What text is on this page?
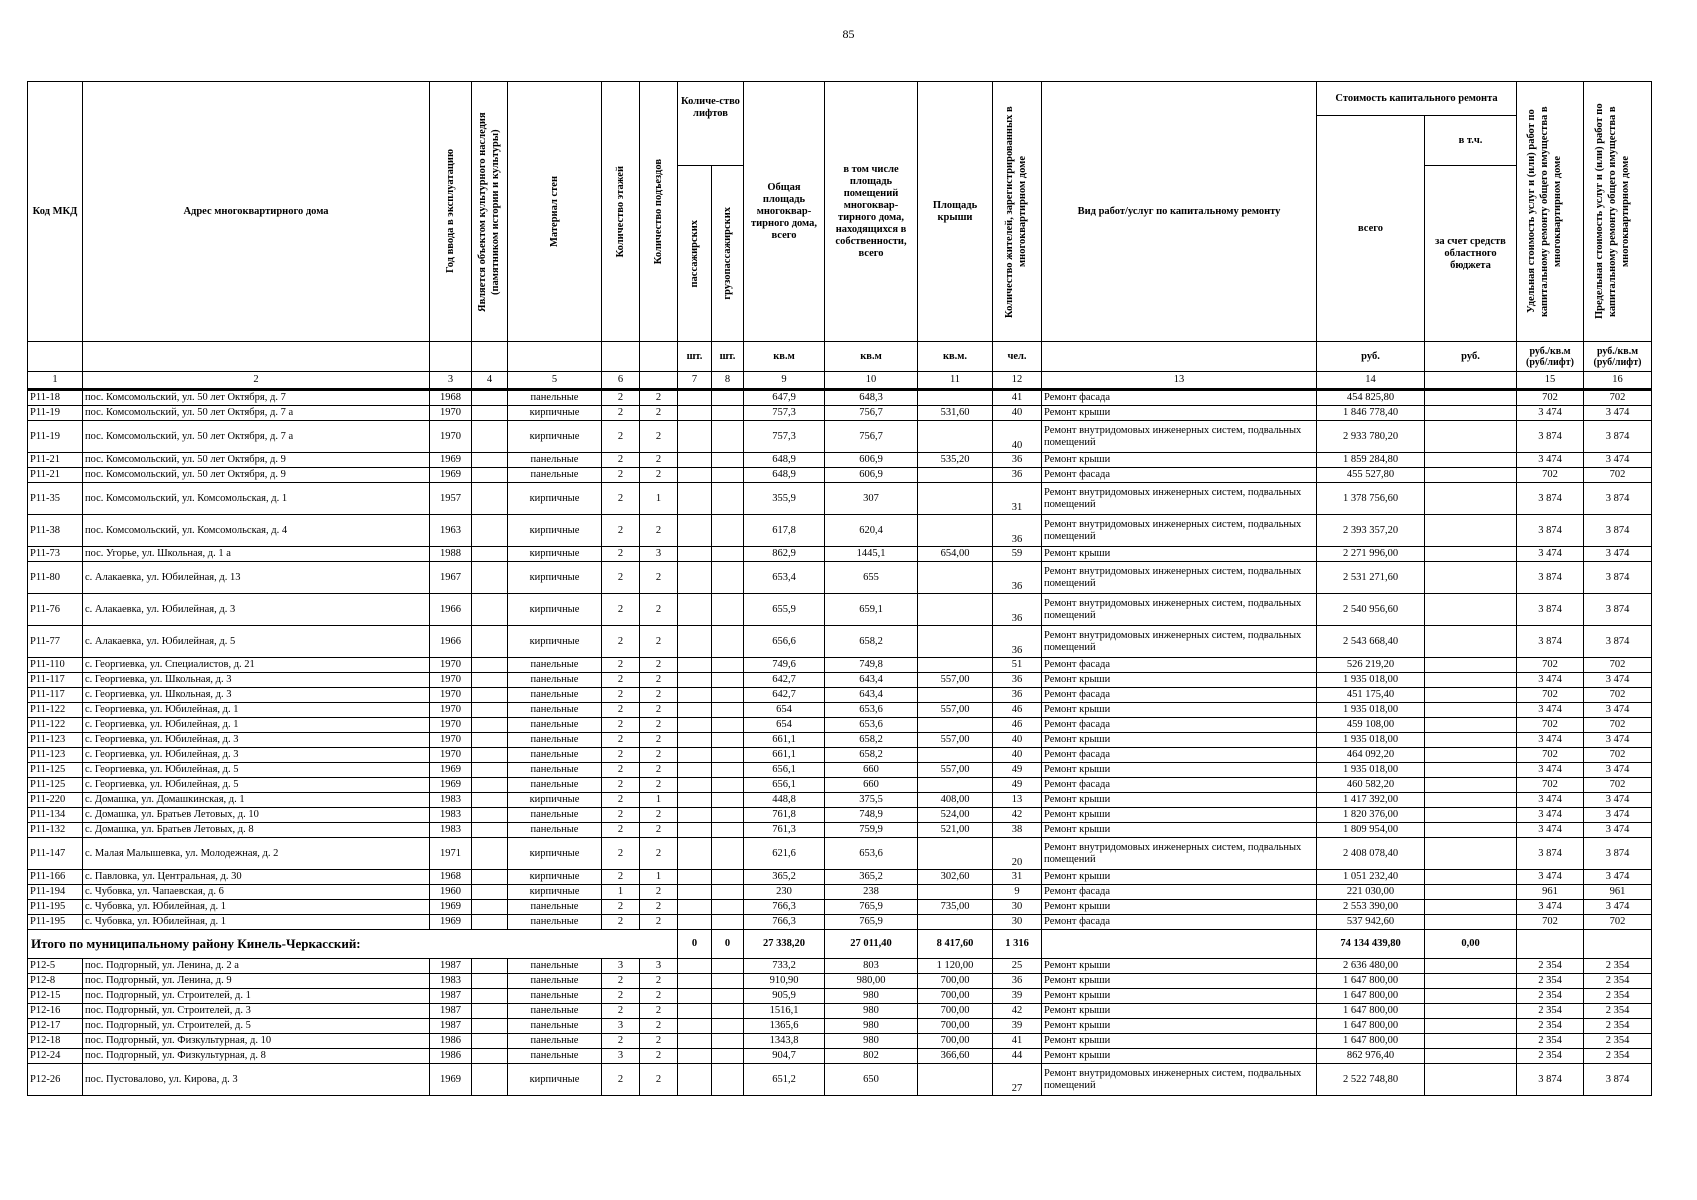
85
Код МКД	Адрес многоквартирного дома	Год ввода в эксплуатацию	Является объектом культурного наследия (памятником истории и культуры)	Материал стен	Количество этажей	Количество подъездов	Количе-ство лифтов		Общая площадь многоквар-тирного дома, всего	в том числе площадь помещений многоквар-тирного дома, находящихся в собственности, всего	Площадь крыши	Количество жителей, зарегистрированных в многоквартирном доме	Вид работ/услуг по капитальному ремонту	Стоимость капитального ремонта		Удельная стоимость услуг и (или) работ по капитальному ремонту общего имущества в многоквартирном доме	Предельная стоимость услуг и (или) работ по капитальному ремонту общего имущества в многоквартирном доме

														всего	в т.ч.		

							пассажирских	грузопассажирских							за счет средств областного бюджета		
							шт.	шт.	кв.м	кв.м	кв.м.	чел.		руб.	руб.	руб./кв.м (руб/лифт)	руб./кв.м (руб/лифт)
1	2	3	4	5	6		7	8	9	10	11	12	13	14		15	16
Р11-18	пос. Комсомольский, ул. 50 лет Октября, д. 7	1968		панельные	2	2			647,9	648,3		41	Ремонт фасада	454 825,80		702	702
Р11-19	пос. Комсомольский, ул. 50 лет Октября, д. 7 а	1970		кирпичные	2	2			757,3	756,7	531,60	40	Ремонт крыши	1 846 778,40		3 474	3 474
Р11-19	пос. Комсомольский, ул. 50 лет Октября, д. 7 а	1970		кирпичные	2	2			757,3	756,7		40	Ремонт внутридомовых инженерных систем, подвальных помещений	2 933 780,20		3 874	3 874
Р11-21	пос. Комсомольский, ул. 50 лет Октября, д. 9	1969		панельные	2	2			648,9	606,9	535,20	36	Ремонт крыши	1 859 284,80		3 474	3 474
Р11-21	пос. Комсомольский, ул. 50 лет Октября, д. 9	1969		панельные	2	2			648,9	606,9		36	Ремонт фасада	455 527,80		702	702
Р11-35	пос. Комсомольский, ул. Комсомольская, д. 1	1957		кирпичные	2	1			355,9	307		31	Ремонт внутридомовых инженерных систем, подвальных помещений	1 378 756,60		3 874	3 874
Р11-38	пос. Комсомольский, ул. Комсомольская, д. 4	1963		кирпичные	2	2			617,8	620,4		36	Ремонт внутридомовых инженерных систем, подвальных помещений	2 393 357,20		3 874	3 874
Р11-73	пос. Угорье, ул. Школьная, д. 1 а	1988		кирпичные	2	3			862,9	1445,1	654,00	59	Ремонт крыши	2 271 996,00		3 474	3 474
Р11-80	с. Алакаевка, ул. Юбилейная, д. 13	1967		кирпичные	2	2			653,4	655		36	Ремонт внутридомовых инженерных систем, подвальных помещений	2 531 271,60		3 874	3 874
Р11-76	с. Алакаевка, ул. Юбилейная, д. 3	1966		кирпичные	2	2			655,9	659,1		36	Ремонт внутридомовых инженерных систем, подвальных помещений	2 540 956,60		3 874	3 874
Р11-77	с. Алакаевка, ул. Юбилейная, д. 5	1966		кирпичные	2	2			656,6	658,2		36	Ремонт внутридомовых инженерных систем, подвальных помещений	2 543 668,40		3 874	3 874
Р11-110	с. Георгиевка, ул. Специалистов, д. 21	1970		панельные	2	2			749,6	749,8		51	Ремонт фасада	526 219,20		702	702
Р11-117	с. Георгиевка, ул. Школьная, д. 3	1970		панельные	2	2			642,7	643,4	557,00	36	Ремонт крыши	1 935 018,00		3 474	3 474
Р11-117	с. Георгиевка, ул. Школьная, д. 3	1970		панельные	2	2			642,7	643,4		36	Ремонт фасада	451 175,40		702	702
Р11-122	с. Георгиевка, ул. Юбилейная, д. 1	1970		панельные	2	2			654	653,6	557,00	46	Ремонт крыши	1 935 018,00		3 474	3 474
Р11-122	с. Георгиевка, ул. Юбилейная, д. 1	1970		панельные	2	2			654	653,6		46	Ремонт фасада	459 108,00		702	702
Р11-123	с. Георгиевка, ул. Юбилейная, д. 3	1970		панельные	2	2			661,1	658,2	557,00	40	Ремонт крыши	1 935 018,00		3 474	3 474
Р11-123	с. Георгиевка, ул. Юбилейная, д. 3	1970		панельные	2	2			661,1	658,2		40	Ремонт фасада	464 092,20		702	702
Р11-125	с. Георгиевка, ул. Юбилейная, д. 5	1969		панельные	2	2			656,1	660	557,00	49	Ремонт крыши	1 935 018,00		3 474	3 474
Р11-125	с. Георгиевка, ул. Юбилейная, д. 5	1969		панельные	2	2			656,1	660		49	Ремонт фасада	460 582,20		702	702
Р11-220	с. Домашка, ул. Домашкинская, д. 1	1983		кирпичные	2	1			448,8	375,5	408,00	13	Ремонт крыши	1 417 392,00		3 474	3 474
Р11-134	с. Домашка, ул. Братьев Летовых, д. 10	1983		панельные	2	2			761,8	748,9	524,00	42	Ремонт крыши	1 820 376,00		3 474	3 474
Р11-132	с. Домашка, ул. Братьев Летовых, д. 8	1983		панельные	2	2			761,3	759,9	521,00	38	Ремонт крыши	1 809 954,00		3 474	3 474
Р11-147	с. Малая Малышевка, ул. Молодежная, д. 2	1971		кирпичные	2	2			621,6	653,6		20	Ремонт внутридомовых инженерных систем, подвальных помещений	2 408 078,40		3 874	3 874
Р11-166	с. Павловка, ул. Центральная, д. 30	1968		кирпичные	2	1			365,2	365,2	302,60	31	Ремонт крыши	1 051 232,40		3 474	3 474
Р11-194	с. Чубовка, ул. Чапаевская, д. 6	1960		кирпичные	1	2			230	238		9	Ремонт фасада	221 030,00		961	961
Р11-195	с. Чубовка, ул. Юбилейная, д. 1	1969		панельные	2	2			766,3	765,9	735,00	30	Ремонт крыши	2 553 390,00		3 474	3 474
Р11-195	с. Чубовка, ул. Юбилейная, д. 1	1969		панельные	2	2			766,3	765,9		30	Ремонт фасада	537 942,60		702	702
Итого по муниципальному району Кинель-Черкасский:							0	0	27 338,20	27 011,40	8 417,60	1 316		74 134 439,80	0,00		
Р12-5	пос. Подгорный, ул. Ленина, д. 2 а	1987		панельные	3	3			733,2	803	1 120,00	25	Ремонт крыши	2 636 480,00		2 354	2 354
Р12-8	пос. Подгорный, ул. Ленина, д. 9	1983		панельные	2	2			910,90	980,00	700,00	36	Ремонт крыши	1 647 800,00		2 354	2 354
Р12-15	пос. Подгорный, ул. Строителей, д. 1	1987		панельные	2	2			905,9	980	700,00	39	Ремонт крыши	1 647 800,00		2 354	2 354
Р12-16	пос. Подгорный, ул. Строителей, д. 3	1987		панельные	2	2			1516,1	980	700,00	42	Ремонт крыши	1 647 800,00		2 354	2 354
Р12-17	пос. Подгорный, ул. Строителей, д. 5	1987		панельные	3	2			1365,6	980	700,00	39	Ремонт крыши	1 647 800,00		2 354	2 354
Р12-18	пос. Подгорный, ул. Физкультурная, д. 10	1986		панельные	2	2			1343,8	980	700,00	41	Ремонт крыши	1 647 800,00		2 354	2 354
Р12-24	пос. Подгорный, ул. Физкультурная, д. 8	1986		панельные	3	2			904,7	802	366,60	44	Ремонт крыши	862 976,40		2 354	2 354
Р12-26	пос. Пустовалово, ул. Кирова, д. 3	1969		кирпичные	2	2			651,2	650		27	Ремонт внутридомовых инженерных систем, подвальных помещений	2 522 748,80		3 874	3 874
